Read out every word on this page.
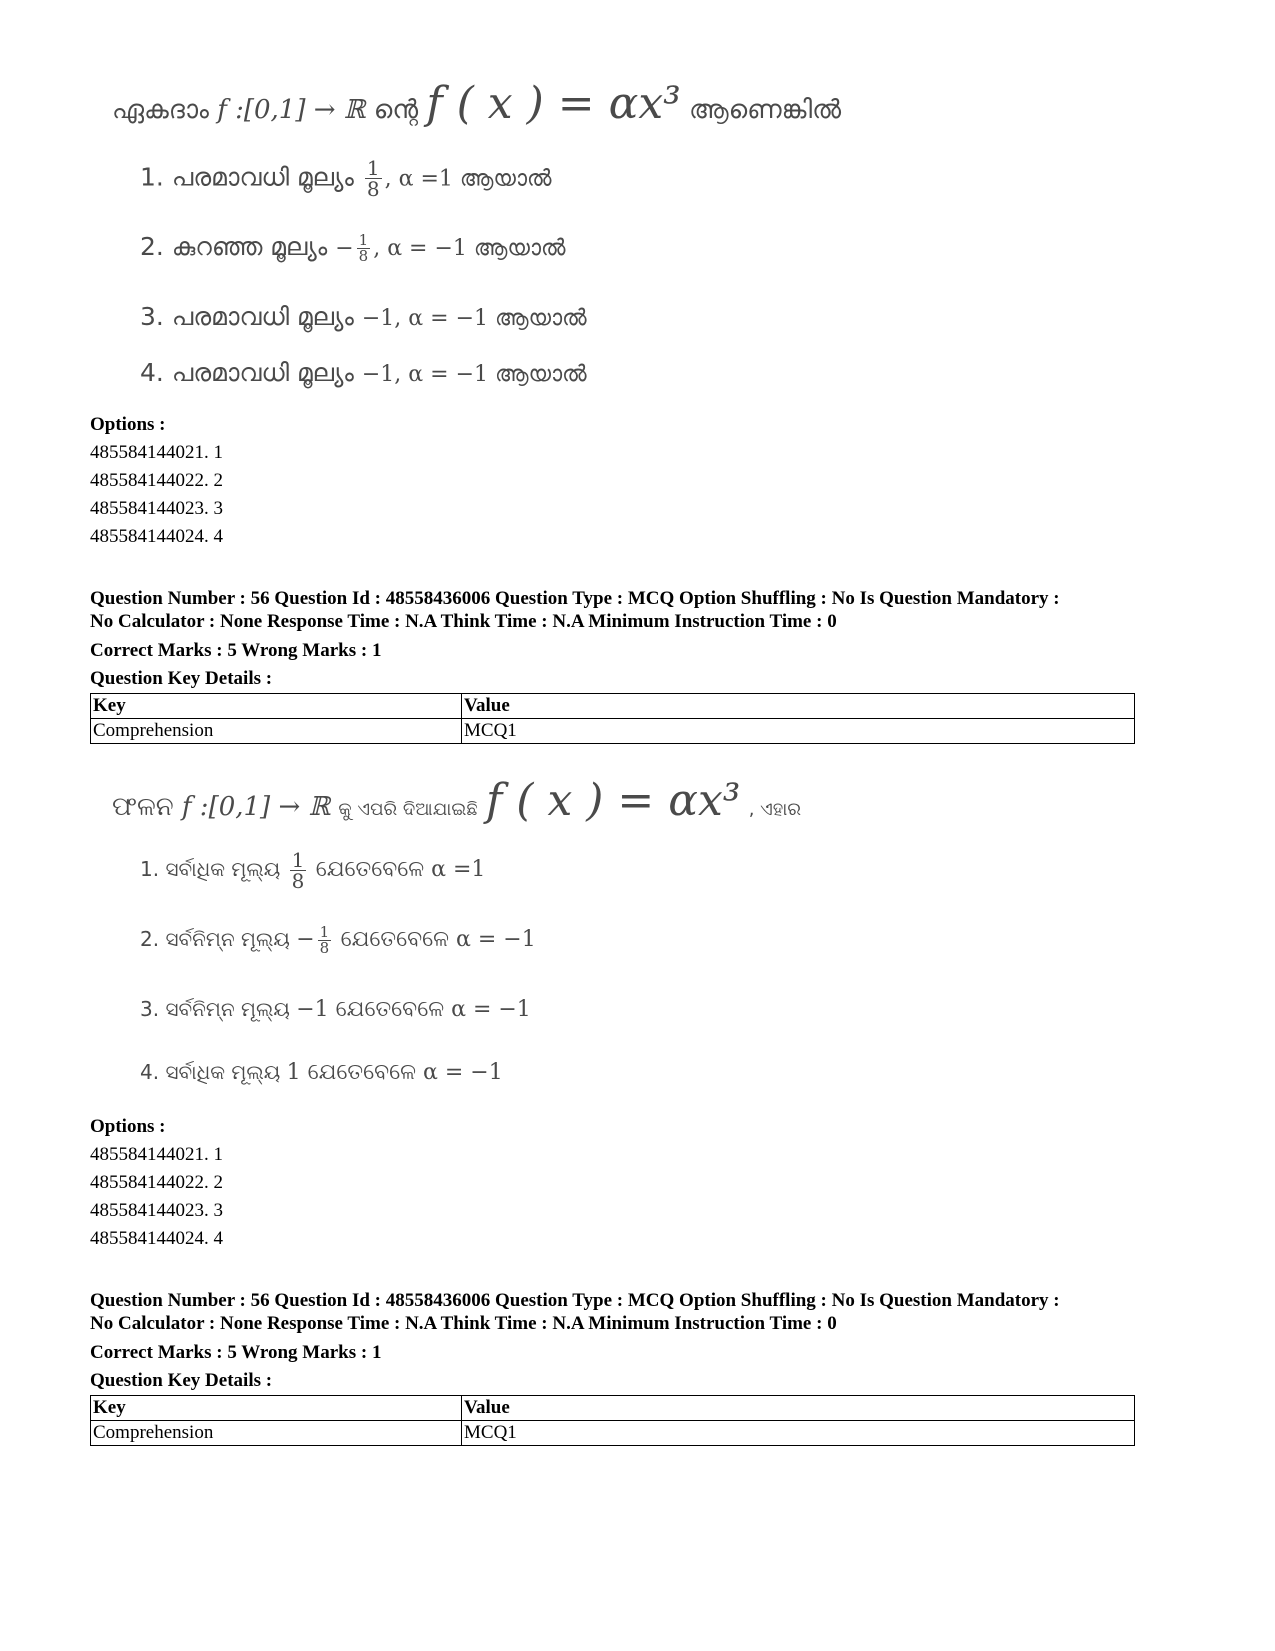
ഏകദാം f :[0,1] → ℝ ന്റെ f ( x ) = αx³ ആണെങ്കിൽ
1. പരമാവധി മൂല്യം $\frac{1}{8}$ , α =1 ആയാൽ
2. കുറഞ്ഞ മൂല്യം − $\frac{1}{8}$ , α = −1 ആയാൽ
3. പരമാവധി മൂല്യം −1, α = −1 ആയാൽ
4. പരമാവധി മൂല്യം −1, α = −1 ആയാൽ
Options :
485584144021. 1
485584144022. 2
485584144023. 3
485584144024. 4
Question Number : 56 Question Id : 48558436006 Question Type : MCQ Option Shuffling : No Is Question Mandatory :
No Calculator : None Response Time : N.A Think Time : N.A Minimum Instruction Time : 0
Correct Marks : 5 Wrong Marks : 1
Question Key Details :
Key	Value
Comprehension	MCQ1
ଫଳନ f :[0,1] → ℝ କୁ ଏପରି ଦିଆଯାଇଛି f ( x ) = αx³ , ଏହାର
1. ସର୍ବାଧିକ ମୂଲ୍ୟ $\frac{1}{8}$ ଯେତେବେଳେ α =1
2. ସର୍ବନିମ୍ନ ମୂଲ୍ୟ − $\frac{1}{8}$ ଯେତେବେଳେ α = −1
3. ସର୍ବନିମ୍ନ ମୂଲ୍ୟ −1 ଯେତେବେଳେ α = −1
4. ସର୍ବାଧିକ ମୂଲ୍ୟ 1 ଯେତେବେଳେ α = −1
Options :
485584144021. 1
485584144022. 2
485584144023. 3
485584144024. 4
Question Number : 56 Question Id : 48558436006 Question Type : MCQ Option Shuffling : No Is Question Mandatory :
No Calculator : None Response Time : N.A Think Time : N.A Minimum Instruction Time : 0
Correct Marks : 5 Wrong Marks : 1
Question Key Details :
Key	Value
Comprehension	MCQ1
